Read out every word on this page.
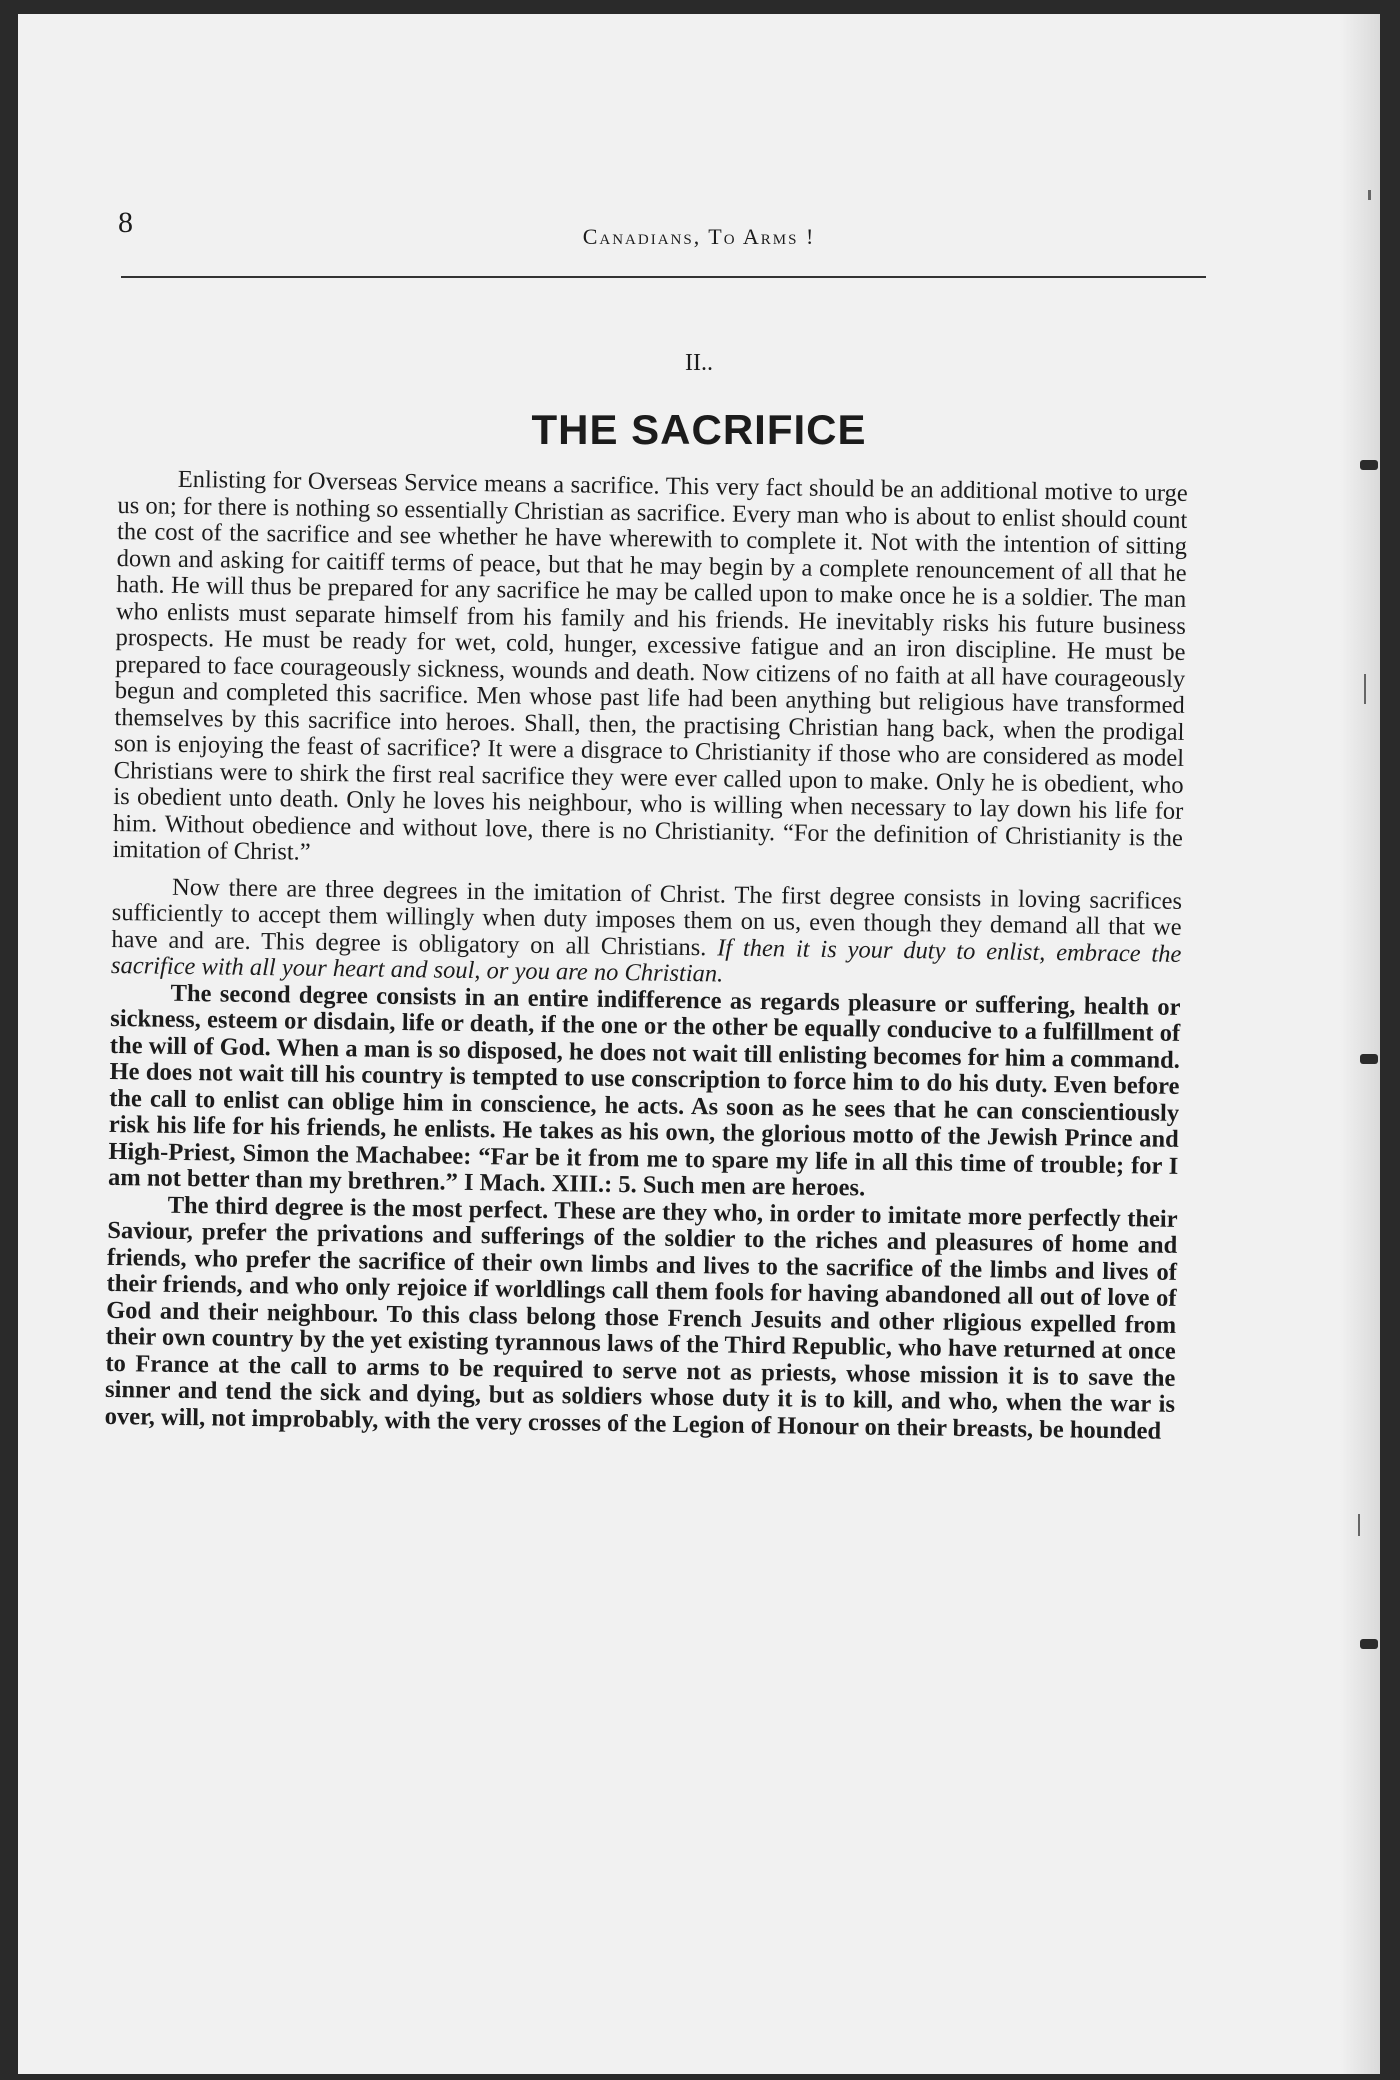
8	Canadians, To Arms !
II..
THE SACRIFICE

Enlisting for Overseas Service means a sacrifice. This very fact should be an additional motive to urge us on; for there is nothing so essentially Christian as sacrifice. Every man who is about to enlist should count the cost of the sacrifice and see whether he have wherewith to complete it. Not with the intention of sitting down and asking for caitiff terms of peace, but that he may begin by a complete renouncement of all that he hath. He will thus be prepared for any sacrifice he may be called upon to make once he is a soldier. The man who enlists must separate himself from his family and his friends. He inevitably risks his future business prospects. He must be ready for wet, cold, hunger, excessive fatigue and an iron discipline. He must be prepared to face courageously sickness, wounds and death. Now citizens of no faith at all have courageously begun and completed this sacrifice. Men whose past life had been anything but religious have transformed themselves by this sacrifice into heroes. Shall, then, the practising Christian hang back, when the prodigal son is enjoying the feast of sacrifice? It were a disgrace to Christianity if those who are considered as model Christians were to shirk the first real sacrifice they were ever called upon to make. Only he is obedient, who is obedient unto death. Only he loves his neighbour, who is willing when necessary to lay down his life for him. Without obedience and without love, there is no Christianity. “For the definition of Christianity is the imitation of Christ.”

Now there are three degrees in the imitation of Christ. The first degree consists in loving sacrifices sufficiently to accept them willingly when duty imposes them on us, even though they demand all that we have and are. This degree is obligatory on all Christians. If then it is your duty to enlist, embrace the sacrifice with all your heart and soul, or you are no Christian.

The second degree consists in an entire indifference as regards pleasure or suffering, health or sickness, esteem or disdain, life or death, if the one or the other be equally conducive to a fulfillment of the will of God. When a man is so disposed, he does not wait till enlisting becomes for him a command. He does not wait till his country is tempted to use conscription to force him to do his duty. Even before the call to enlist can oblige him in conscience, he acts. As soon as he sees that he can conscientiously risk his life for his friends, he enlists. He takes as his own, the glorious motto of the Jewish Prince and High-Priest, Simon the Machabee: “Far be it from me to spare my life in all this time of trouble; for I am not better than my brethren.” I Mach. XIII.: 5. Such men are heroes.

The third degree is the most perfect. These are they who, in order to imitate more perfectly their Saviour, prefer the privations and sufferings of the soldier to the riches and pleasures of home and friends, who prefer the sacrifice of their own limbs and lives to the sacrifice of the limbs and lives of their friends, and who only rejoice if worldlings call them fools for having abandoned all out of love of God and their neighbour. To this class belong those French Jesuits and other rligious expelled from their own country by the yet existing tyrannous laws of the Third Republic, who have returned at once to France at the call to arms to be required to serve not as priests, whose mission it is to save the sinner and tend the sick and dying, but as soldiers whose duty it is to kill, and who, when the war is over, will, not improbably, with the very crosses of the Legion of Honour on their breasts, be hounded
